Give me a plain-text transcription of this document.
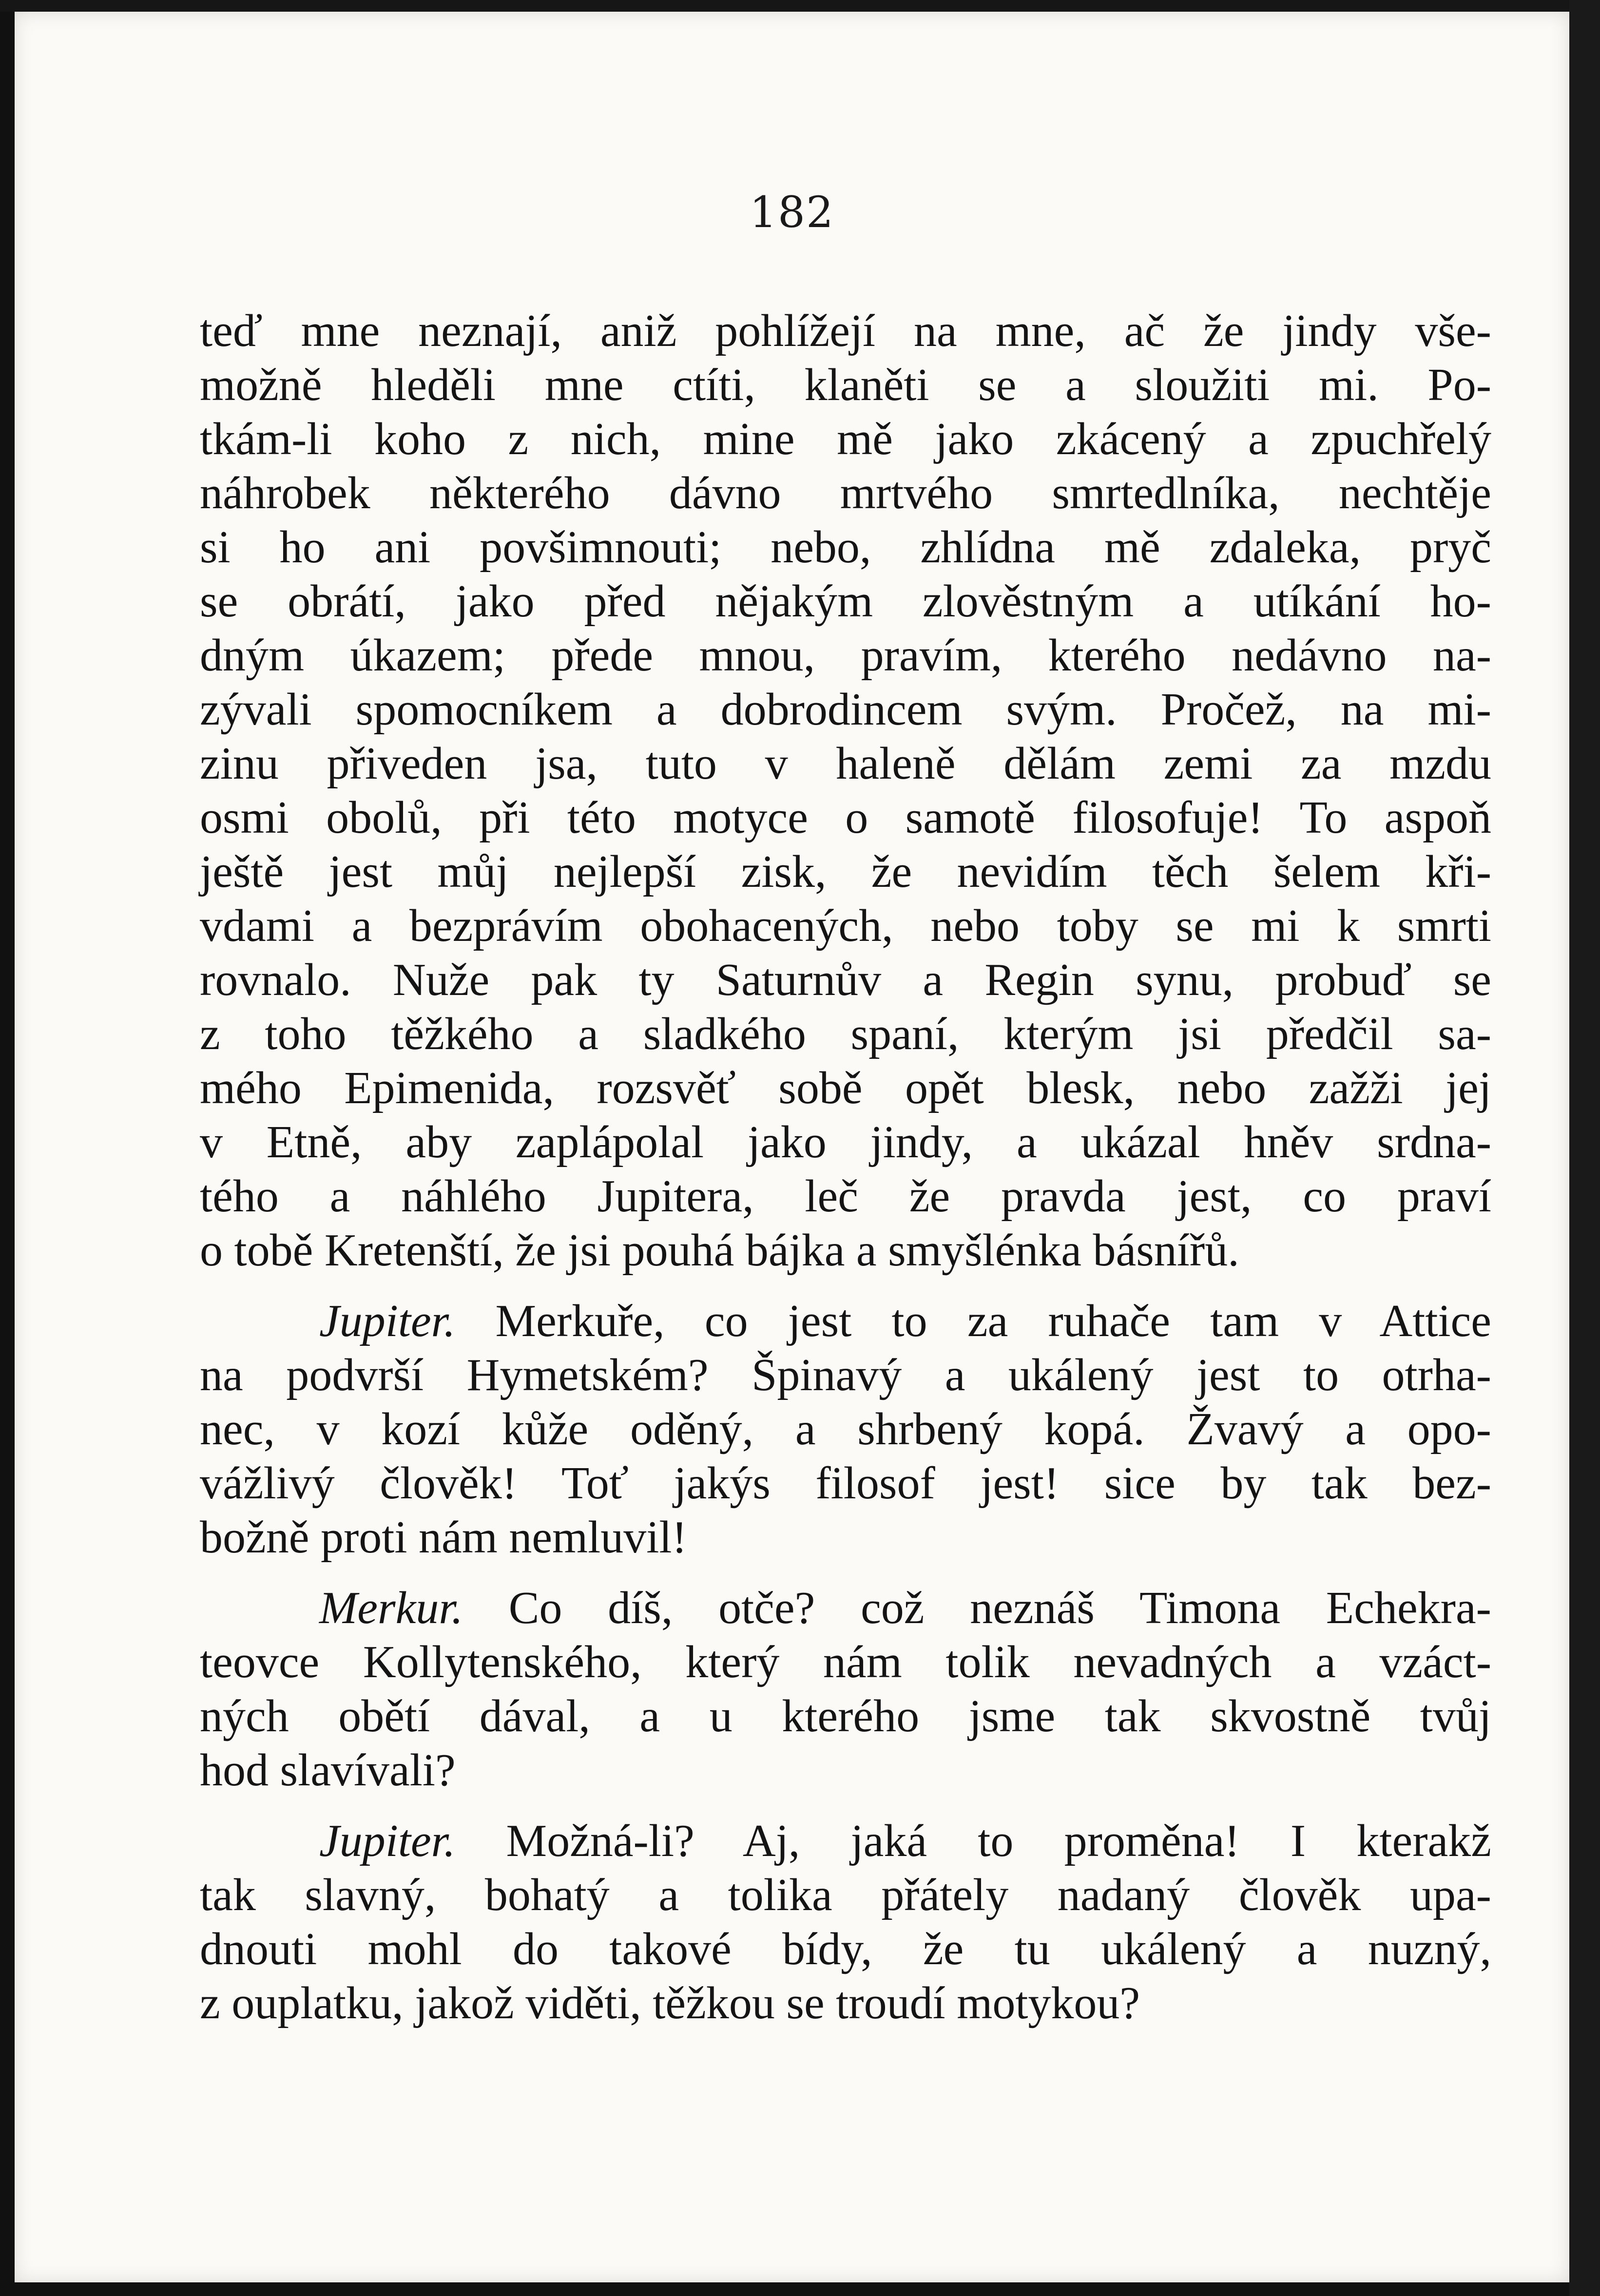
182
teď mne neznají, aniž pohlížejí na mne, ač že jindy vše-
možně hleděli mne ctíti, klaněti se a sloužiti mi. Po-
tkám-li koho z nich, mine mě jako zkácený a zpuchřelý
náhrobek některého dávno mrtvého smrtedlníka, nechtěje
si ho ani povšimnouti; nebo, zhlídna mě zdaleka, pryč
se obrátí, jako před nějakým zlověstným a utíkání ho-
dným úkazem; přede mnou, pravím, kterého nedávno na-
zývali spomocníkem a dobrodincem svým. Pročež, na mi-
zinu přiveden jsa, tuto v haleně dělám zemi za mzdu
osmi obolů, při této motyce o samotě filosofuje! To aspoň
ještě jest můj nejlepší zisk, že nevidím těch šelem kři-
vdami a bezprávím obohacených, nebo toby se mi k smrti
rovnalo. Nuže pak ty Saturnův a Regin synu, probuď se
z toho těžkého a sladkého spaní, kterým jsi předčil sa-
mého Epimenida, rozsvěť sobě opět blesk, nebo zažži jej
v Etně, aby zaplápolal jako jindy, a ukázal hněv srdna-
tého a náhlého Jupitera, leč že pravda jest, co praví
o tobě Kretenští, že jsi pouhá bájka a smyšlénka básnířů.
Jupiter. Merkuře, co jest to za ruhače tam v Attice
na podvrší Hymetském? Špinavý a ukálený jest to otrha-
nec, v kozí kůže oděný, a shrbený kopá. Žvavý a opo-
vážlivý člověk! Toť jakýs filosof jest! sice by tak bez-
božně proti nám nemluvil!
Merkur. Co díš, otče? což neznáš Timona Echekra-
teovce Kollytenského, který nám tolik nevadných a vzáct-
ných obětí dával, a u kterého jsme tak skvostně tvůj
hod slavívali?
Jupiter. Možná-li? Aj, jaká to proměna! I kterakž
tak slavný, bohatý a tolika přátely nadaný člověk upa-
dnouti mohl do takové bídy, že tu ukálený a nuzný,
z ouplatku, jakož viděti, těžkou se troudí motykou?
